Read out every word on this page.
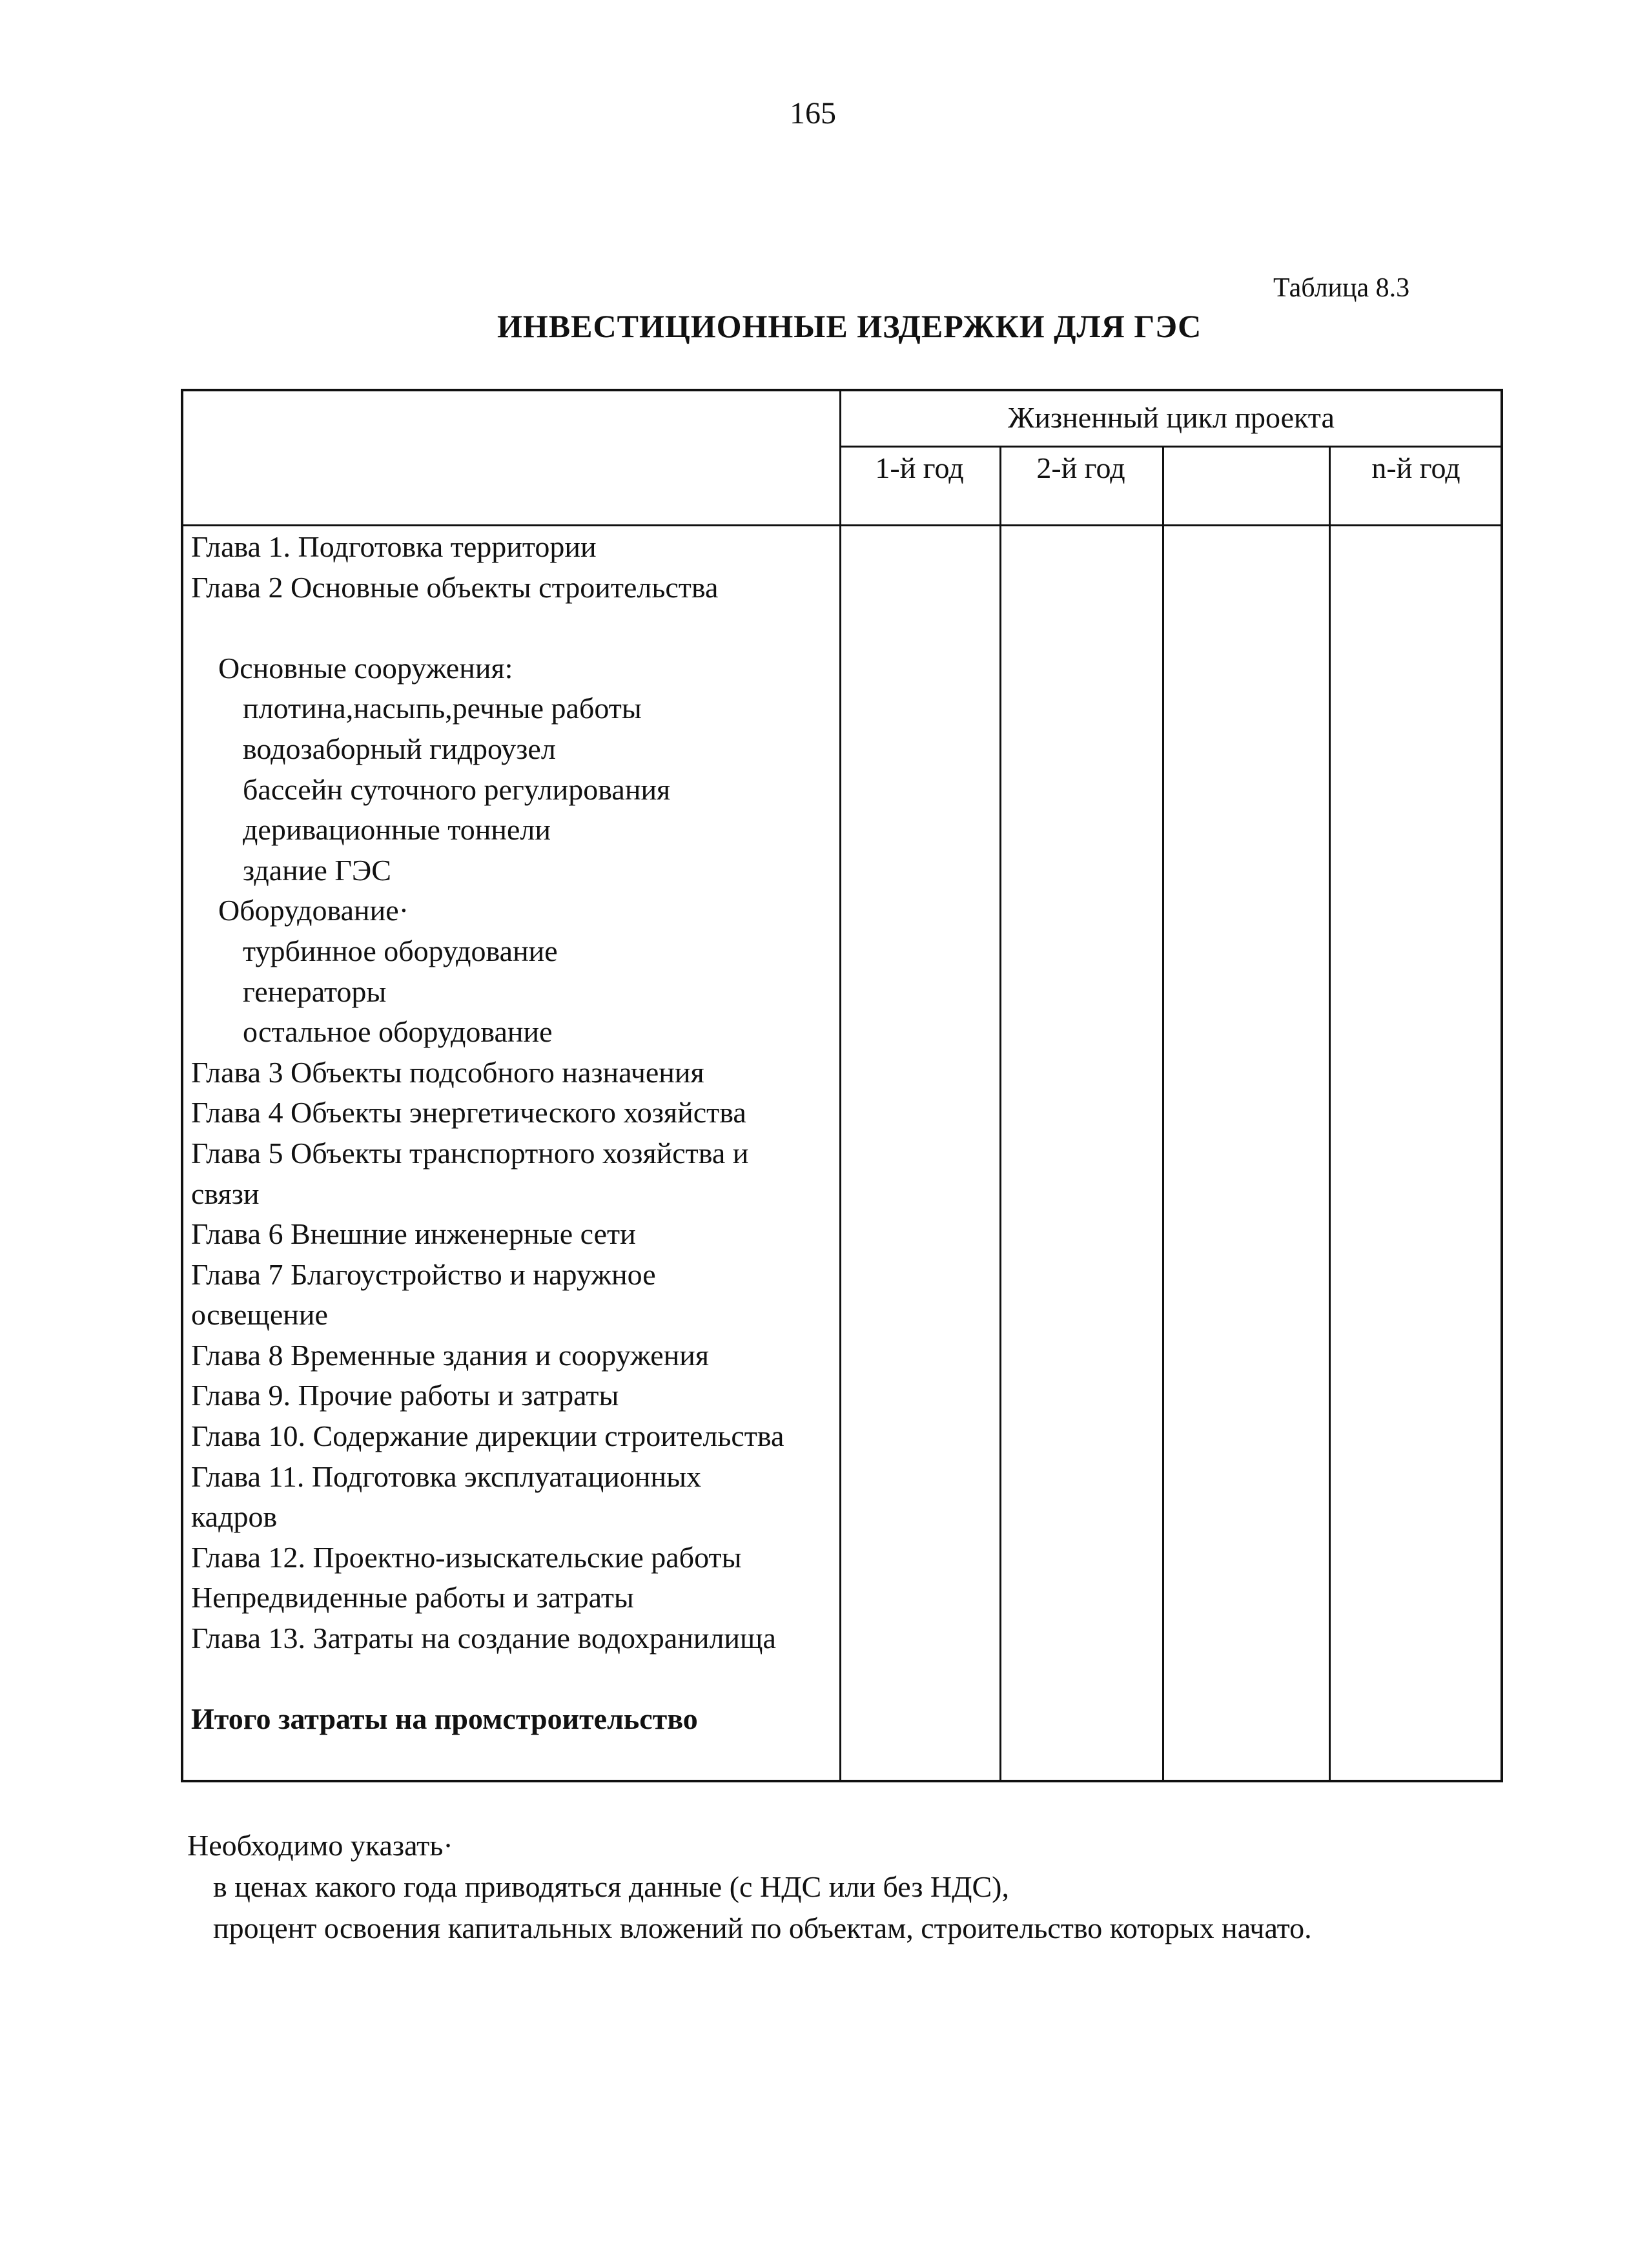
165
Таблица 8.3
ИНВЕСТИЦИОННЫЕ ИЗДЕРЖКИ ДЛЯ ГЭС
Жизненный цикл проекта
1-й год	2-й год	n-й год
Глава 1. Подготовка территории
Глава 2 Основные объекты строительства
Основные сооружения:
плотина,насыпь,речные работы
водозаборный гидроузел
бассейн суточного регулирования
деривационные тоннели
здание ГЭС
Оборудование·
турбинное оборудование
генераторы
остальное оборудование
Глава 3 Объекты подсобного назначения
Глава 4 Объекты энергетического хозяйства
Глава 5 Объекты транспортного хозяйства и
связи
Глава 6 Внешние инженерные сети
Глава 7 Благоустройство и наружное
освещение
Глава 8 Временные здания и сооружения
Глава 9. Прочие работы и затраты
Глава 10. Содержание дирекции строительства
Глава 11. Подготовка эксплуатационных
кадров
Глава 12. Проектно-изыскательские работы
Непредвиденные работы и затраты
Глава 13. Затраты на создание водохранилища
Итого затраты на промстроительство
Необходимо указать·
в ценах какого года приводяться данные (с НДС или без НДС),
процент освоения капитальных вложений по объектам, строительство которых начато.
